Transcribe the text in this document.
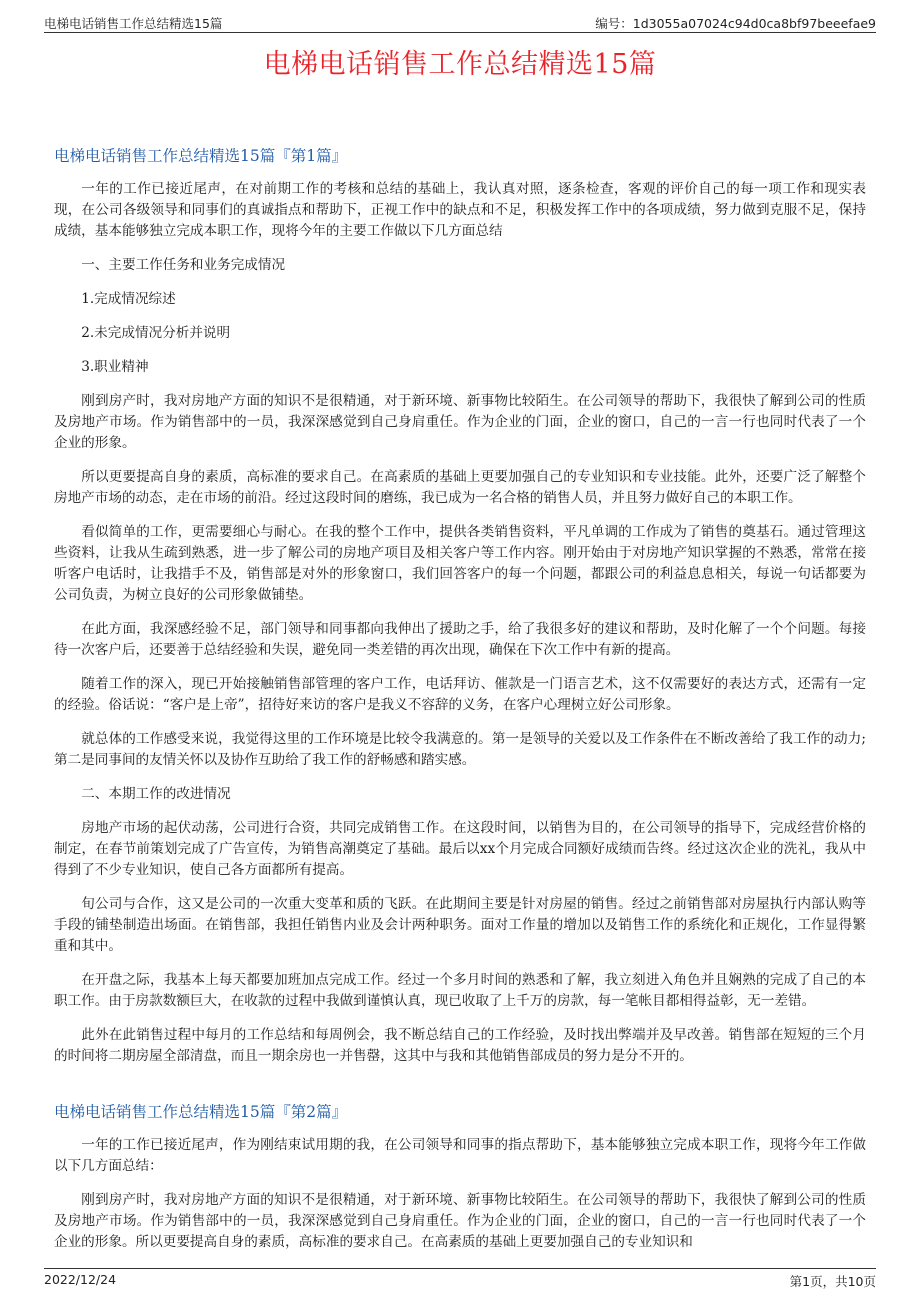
电梯电话销售工作总结精选15篇	编号：1d3055a07024c94d0ca8bf97beeefae9
电梯电话销售工作总结精选15篇
电梯电话销售工作总结精选15篇『第1篇』

一年的工作已接近尾声，在对前期工作的考核和总结的基础上，我认真对照，逐条检查，客观的评价自己的每一项工作和现实表现，在公司各级领导和同事们的真诚指点和帮助下，正视工作中的缺点和不足，积极发挥工作中的各项成绩，努力做到克服不足，保持成绩，基本能够独立完成本职工作，现将今年的主要工作做以下几方面总结

一、主要工作任务和业务完成情况

1.完成情况综述

2.未完成情况分析并说明

3.职业精神

刚到房产时，我对房地产方面的知识不是很精通，对于新环境、新事物比较陌生。在公司领导的帮助下，我很快了解到公司的性质及房地产市场。作为销售部中的一员，我深深感觉到自己身肩重任。作为企业的门面，企业的窗口，自己的一言一行也同时代表了一个企业的形象。

所以更要提高自身的素质，高标准的要求自己。在高素质的基础上更要加强自己的专业知识和专业技能。此外，还要广泛了解整个房地产市场的动态，走在市场的前沿。经过这段时间的磨练，我已成为一名合格的销售人员，并且努力做好自己的本职工作。

看似简单的工作，更需要细心与耐心。在我的整个工作中，提供各类销售资料，平凡单调的工作成为了销售的奠基石。通过管理这些资料，让我从生疏到熟悉，进一步了解公司的房地产项目及相关客户等工作内容。刚开始由于对房地产知识掌握的不熟悉，常常在接听客户电话时，让我措手不及，销售部是对外的形象窗口，我们回答客户的每一个问题，都跟公司的利益息息相关，每说一句话都要为公司负责，为树立良好的公司形象做铺垫。

在此方面，我深感经验不足，部门领导和同事都向我伸出了援助之手，给了我很多好的建议和帮助，及时化解了一个个问题。每接待一次客户后，还要善于总结经验和失误，避免同一类差错的再次出现，确保在下次工作中有新的提高。

随着工作的深入，现已开始接触销售部管理的客户工作，电话拜访、催款是一门语言艺术，这不仅需要好的表达方式，还需有一定的经验。俗话说：“客户是上帝”，招待好来访的客户是我义不容辞的义务，在客户心理树立好公司形象。

就总体的工作感受来说，我觉得这里的工作环境是比较令我满意的。第一是领导的关爱以及工作条件在不断改善给了我工作的动力;第二是同事间的友情关怀以及协作互助给了我工作的舒畅感和踏实感。

二、本期工作的改进情况

房地产市场的起伏动荡，公司进行合资，共同完成销售工作。在这段时间，以销售为目的，在公司领导的指导下，完成经营价格的制定，在春节前策划完成了广告宣传，为销售高潮奠定了基础。最后以xx个月完成合同额好成绩而告终。经过这次企业的洗礼，我从中得到了不少专业知识，使自己各方面都所有提高。

旬公司与合作，这又是公司的一次重大变革和质的飞跃。在此期间主要是针对房屋的销售。经过之前销售部对房屋执行内部认购等手段的铺垫制造出场面。在销售部，我担任销售内业及会计两种职务。面对工作量的增加以及销售工作的系统化和正规化，工作显得繁重和其中。

在开盘之际，我基本上每天都要加班加点完成工作。经过一个多月时间的熟悉和了解，我立刻进入角色并且娴熟的完成了自己的本职工作。由于房款数额巨大，在收款的过程中我做到谨慎认真，现已收取了上千万的房款，每一笔帐目都相得益彰，无一差错。

此外在此销售过程中每月的工作总结和每周例会，我不断总结自己的工作经验，及时找出弊端并及早改善。销售部在短短的三个月的时间将二期房屋全部清盘，而且一期余房也一并售罄，这其中与我和其他销售部成员的努力是分不开的。

电梯电话销售工作总结精选15篇『第2篇』

一年的工作已接近尾声，作为刚结束试用期的我，在公司领导和同事的指点帮助下，基本能够独立完成本职工作，现将今年工作做以下几方面总结：

刚到房产时，我对房地产方面的知识不是很精通，对于新环境、新事物比较陌生。在公司领导的帮助下，我很快了解到公司的性质及房地产市场。作为销售部中的一员，我深深感觉到自己身肩重任。作为企业的门面，企业的窗口，自己的一言一行也同时代表了一个企业的形象。所以更要提高自身的素质，高标准的要求自己。在高素质的基础上更要加强自己的专业知识和

2022/12/24	第1页，共10页
